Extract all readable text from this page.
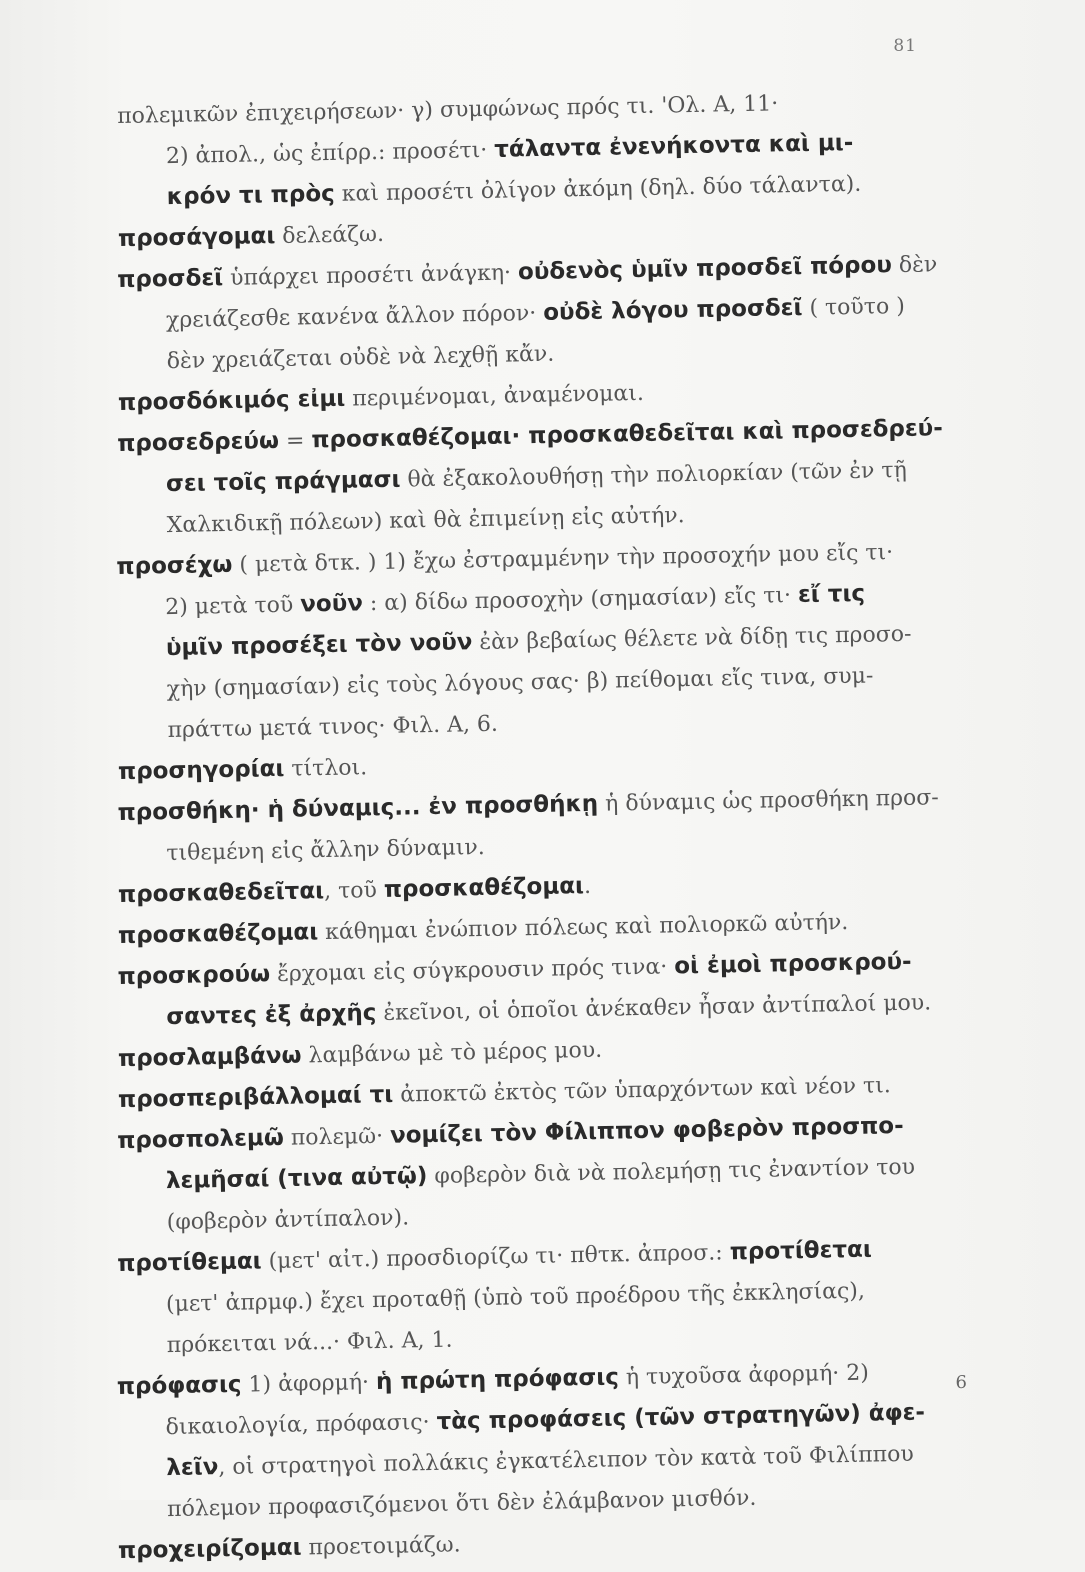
81
πολεμικῶν ἐπιχειρήσεων· γ) συμφώνως πρός τι. 'Ολ. Α, 11·
2) ἀπολ., ὡς ἐπίρρ.: προσέτι· τάλαντα ἐνενήκοντα καὶ μι-
κρόν τι πρὸς καὶ προσέτι ὀλίγον ἀκόμη (δηλ. δύο τάλαντα).
προσάγομαι δελεάζω.
προσδεῖ ὑπάρχει προσέτι ἀνάγκη· οὐδενὸς ὑμῖν προσδεῖ πόρου δὲν
χρειάζεσθε κανένα ἄλλον πόρον· οὐδὲ λόγου προσδεῖ ( τοῦτο )
δὲν χρειάζεται οὐδὲ νὰ λεχθῇ κἄν.
προσδόκιμός εἰμι περιμένομαι, ἀναμένομαι.
προσεδρεύω = προσκαθέζομαι· προσκαθεδεῖται καὶ προσεδρεύ-
σει τοῖς πράγμασι θὰ ἐξακολουθήσῃ τὴν πολιορκίαν (τῶν ἐν τῇ
Χαλκιδικῇ πόλεων) καὶ θὰ ἐπιμείνῃ εἰς αὐτήν.
προσέχω ( μετὰ δτκ. ) 1) ἔχω ἐστραμμένην τὴν προσοχήν μου εἴς τι·
2) μετὰ τοῦ νοῦν : α) δίδω προσοχὴν (σημασίαν) εἴς τι· εἴ τις
ὑμῖν προσέξει τὸν νοῦν ἐὰν βεβαίως θέλετε νὰ δίδῃ τις προσο-
χὴν (σημασίαν) εἰς τοὺς λόγους σας· β) πείθομαι εἴς τινα, συμ-
πράττω μετά τινος· Φιλ. Α, 6.
προσηγορίαι τίτλοι.
προσθήκη· ἡ δύναμις... ἐν προσθήκῃ ἡ δύναμις ὡς προσθήκη προσ-
τιθεμένη εἰς ἄλλην δύναμιν.
προσκαθεδεῖται, τοῦ προσκαθέζομαι.
προσκαθέζομαι κάθημαι ἐνώπιον πόλεως καὶ πολιορκῶ αὐτήν.
προσκρούω ἔρχομαι εἰς σύγκρουσιν πρός τινα· οἱ ἐμοὶ προσκρού-
σαντες ἐξ ἀρχῆς ἐκεῖνοι, οἱ ὁποῖοι ἀνέκαθεν ἦσαν ἀντίπαλοί μου.
προσλαμβάνω λαμβάνω μὲ τὸ μέρος μου.
προσπεριβάλλομαί τι ἀποκτῶ ἐκτὸς τῶν ὑπαρχόντων καὶ νέον τι.
προσπολεμῶ πολεμῶ· νομίζει τὸν Φίλιππον φοβερὸν προσπο-
λεμῆσαί (τινα αὐτῷ) φοβερὸν διὰ νὰ πολεμήσῃ τις ἐναντίον του
(φοβερὸν ἀντίπαλον).
προτίθεμαι (μετ' αἰτ.) προσδιορίζω τι· πθτκ. ἀπροσ.: προτίθεται
(μετ' ἀπρμφ.) ἔχει προταθῇ (ὑπὸ τοῦ προέδρου τῆς ἐκκλησίας),
πρόκειται νά...· Φιλ. Α, 1.
πρόφασις 1) ἀφορμή· ἡ πρώτη πρόφασις ἡ τυχοῦσα ἀφορμή· 2)
δικαιολογία, πρόφασις· τὰς προφάσεις (τῶν στρατηγῶν) ἀφε-
λεῖν, οἱ στρατηγοὶ πολλάκις ἐγκατέλειπον τὸν κατὰ τοῦ Φιλίππου
πόλεμον προφασιζόμενοι ὅτι δὲν ἐλάμβανον μισθόν.
προχειρίζομαι προετοιμάζω.
6
